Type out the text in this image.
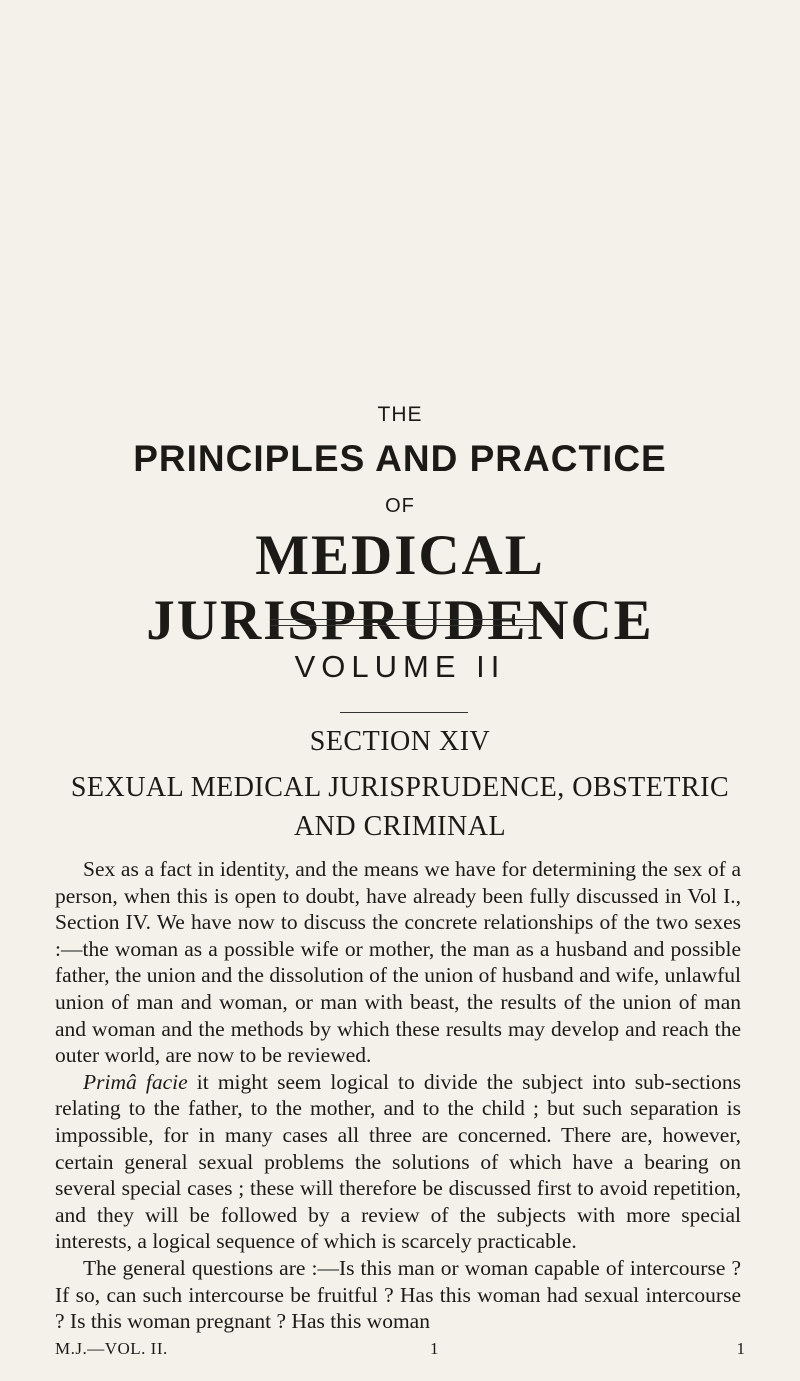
THE
PRINCIPLES AND PRACTICE
OF
MEDICAL JURISPRUDENCE
VOLUME II
SECTION XIV
SEXUAL MEDICAL JURISPRUDENCE, OBSTETRIC
AND CRIMINAL

Sex as a fact in identity, and the means we have for determining the sex of a person, when this is open to doubt, have already been fully discussed in Vol I., Section IV. We have now to discuss the concrete relationships of the two sexes :—the woman as a possible wife or mother, the man as a husband and possible father, the union and the dissolution of the union of husband and wife, unlawful union of man and woman, or man with beast, the results of the union of man and woman and the methods by which these results may develop and reach the outer world, are now to be reviewed.

Primâ facie it might seem logical to divide the subject into sub-sections relating to the father, to the mother, and to the child ; but such separation is impossible, for in many cases all three are concerned. There are, however, certain general sexual problems the solutions of which have a bearing on several special cases ; these will therefore be discussed first to avoid repetition, and they will be followed by a review of the subjects with more special interests, a logical sequence of which is scarcely practicable.

The general questions are :—Is this man or woman capable of intercourse ? If so, can such intercourse be fruitful ? Has this woman had sexual intercourse ? Is this woman pregnant ? Has this woman

M.J.—VOL. II.	1	1
